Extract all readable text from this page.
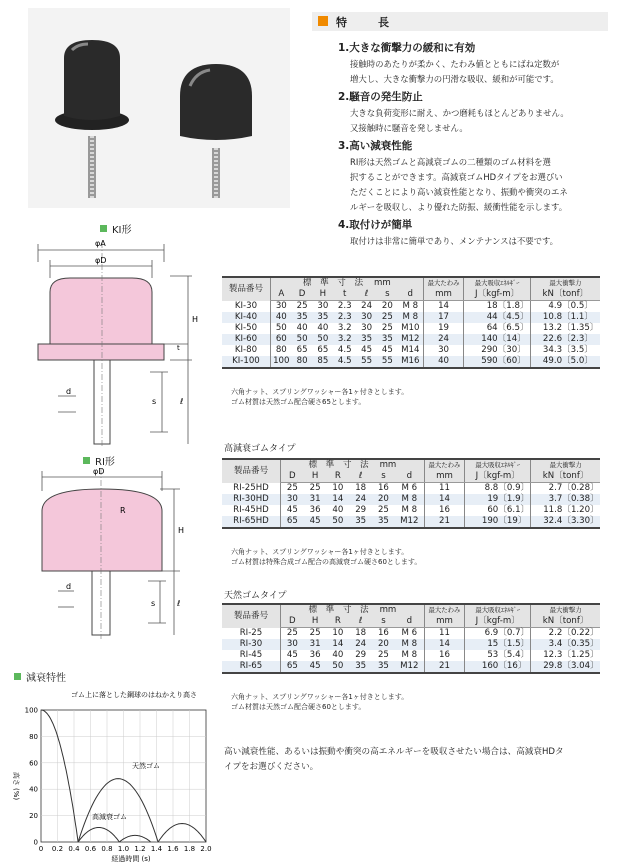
特　長
1.大きな衝撃力の緩和に有効
接触時のあたりが柔かく、たわみ値とともにばね定数が
増大し、大きな衝撃力の円滑な吸収、緩和が可能です。
2.騒音の発生防止
大きな負荷変形に耐え、かつ磨耗もほとんどありません。
又接触時に騒音を発しません。
3.高い減衰性能
RI形は天然ゴムと高減衰ゴムの二種類のゴム材料を選
択することができます。高減衰ゴムHDタイプをお選びい
ただくことにより高い減衰性能となり、振動や衝突のエネ
ルギーを吸収し、より優れた防振、緩衝性能を示します。
4.取付けが簡単
取付けは非常に簡単であり、メンテナンスは不要です。
KI形
φA
φD
H
t
d
s	ℓ
製品番号	標　準　寸　法 mm							最大たわみ	最大吸収ｴﾈﾙｷﾞｰ		最大衝撃力	
	A	D	H	t	ℓ	s	d	mm	J〔kgf-m〕		kN〔tonf〕	
KI-30	30	25	30	2.3	24	20	M 8	14	18	〔1.8〕	4.9	〔0.5〕
KI-40	40	35	35	2.3	30	25	M 8	17	44	〔4.5〕	10.8	〔1.1〕
KI-50	50	40	40	3.2	30	25	M10	19	64	〔6.5〕	13.2	〔1.35〕
KI-60	60	50	50	3.2	35	35	M12	24	140	〔14〕	22.6	〔2.3〕
KI-80	80	65	65	4.5	45	45	M14	30	290	〔30〕	34.3	〔3.5〕
KI-100	100	80	85	4.5	55	55	M16	40	590	〔60〕	49.0	〔5.0〕
六角ナット、スプリングワッシャー各1ヶ付きとします。
ゴム材質は天然ゴム配合硬さ65とします。
RI形
φD
H
R
d
s	ℓ
高減衰ゴムタイプ
製品番号	標　準　寸　法 mm						最大たわみ	最大吸収ｴﾈﾙｷﾞｰ		最大衝撃力	
	D	H	R	ℓ	s	d	mm	J〔kgf-m〕		kN〔tonf〕	
RI-25HD	25	25	10	18	16	M 6	11	8.8	〔0.9〕	2.7	〔0.28〕
RI-30HD	30	31	14	24	20	M 8	14	19	〔1.9〕	3.7	〔0.38〕
RI-45HD	45	36	40	29	25	M 8	16	60	〔6.1〕	11.8	〔1.20〕
RI-65HD	65	45	50	35	35	M12	21	190	〔19〕	32.4	〔3.30〕
六角ナット、スプリングワッシャー各1ヶ付きとします。
ゴム材質は特殊合成ゴム配合の高減衰ゴム硬さ60とします。
天然ゴムタイプ
製品番号	標　準　寸　法 mm						最大たわみ	最大吸収ｴﾈﾙｷﾞｰ		最大衝撃力	
	D	H	R	ℓ	s	d	mm	J〔kgf-m〕		kN〔tonf〕	
RI-25	25	25	10	18	16	M 6	11	6.9	〔0.7〕	2.2	〔0.22〕
RI-30	30	31	14	24	20	M 8	14	15	〔1.5〕	3.4	〔0.35〕
RI-45	45	36	40	29	25	M 8	16	53	〔5.4〕	12.3	〔1.25〕
RI-65	65	45	50	35	35	M12	21	160	〔16〕	29.8	〔3.04〕
六角ナット、スプリングワッシャー各1ヶ付きとします。
ゴム材質は天然ゴム配合硬さ60とします。
減衰特性
ゴム上に落とした鋼球のはねかえり高さ
0 0.2 0.4 0.6 0.8 1.0 1.2 1.4 1.6 1.8 2.0
0
20
40
60
80
100
高さ (%)
経過時間 (s)
天然ゴム
高減衰ゴム
高い減衰性能、あるいは振動や衝突の高エネルギーを吸収させたい場合は、高減衰HDタ
イプをお選びください。
